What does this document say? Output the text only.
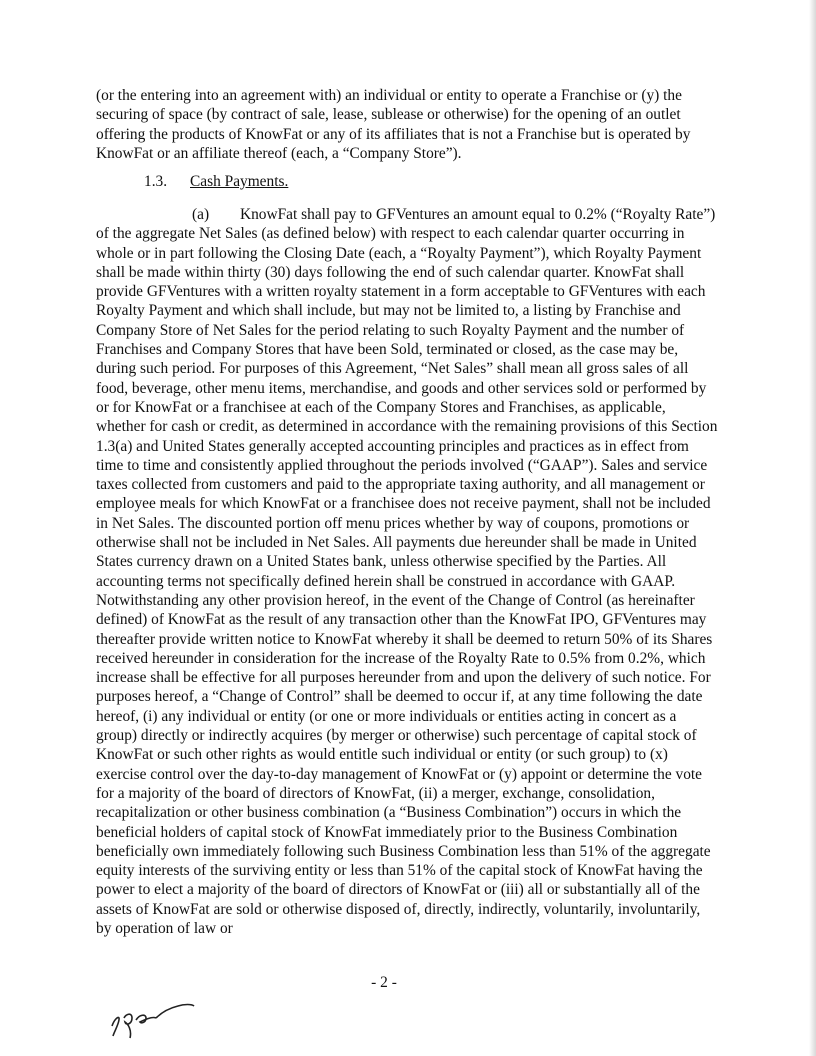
(or the entering into an agreement with) an individual or entity to operate a Franchise or (y) the securing of space (by contract of sale, lease, sublease or otherwise) for the opening of an outlet offering the products of KnowFat or any of its affiliates that is not a Franchise but is operated by KnowFat or an affiliate thereof (each, a “Company Store”).

1.3. Cash Payments.

(a) KnowFat shall pay to GFVentures an amount equal to 0.2% (“Royalty Rate”) of the aggregate Net Sales (as defined below) with respect to each calendar quarter occurring in whole or in part following the Closing Date (each, a “Royalty Payment”), which Royalty Payment shall be made within thirty (30) days following the end of such calendar quarter. KnowFat shall provide GFVentures with a written royalty statement in a form acceptable to GFVentures with each Royalty Payment and which shall include, but may not be limited to, a listing by Franchise and Company Store of Net Sales for the period relating to such Royalty Payment and the number of Franchises and Company Stores that have been Sold, terminated or closed, as the case may be, during such period. For purposes of this Agreement, “Net Sales” shall mean all gross sales of all food, beverage, other menu items, merchandise, and goods and other services sold or performed by or for KnowFat or a franchisee at each of the Company Stores and Franchises, as applicable, whether for cash or credit, as determined in accordance with the remaining provisions of this Section 1.3(a) and United States generally accepted accounting principles and practices as in effect from time to time and consistently applied throughout the periods involved (“GAAP”). Sales and service taxes collected from customers and paid to the appropriate taxing authority, and all management or employee meals for which KnowFat or a franchisee does not receive payment, shall not be included in Net Sales. The discounted portion off menu prices whether by way of coupons, promotions or otherwise shall not be included in Net Sales. All payments due hereunder shall be made in United States currency drawn on a United States bank, unless otherwise specified by the Parties. All accounting terms not specifically defined herein shall be construed in accordance with GAAP. Notwithstanding any other provision hereof, in the event of the Change of Control (as hereinafter defined) of KnowFat as the result of any transaction other than the KnowFat IPO, GFVentures may thereafter provide written notice to KnowFat whereby it shall be deemed to return 50% of its Shares received hereunder in consideration for the increase of the Royalty Rate to 0.5% from 0.2%, which increase shall be effective for all purposes hereunder from and upon the delivery of such notice. For purposes hereof, a “Change of Control” shall be deemed to occur if, at any time following the date hereof, (i) any individual or entity (or one or more individuals or entities acting in concert as a group) directly or indirectly acquires (by merger or otherwise) such percentage of capital stock of KnowFat or such other rights as would entitle such individual or entity (or such group) to (x) exercise control over the day-to-day management of KnowFat or (y) appoint or determine the vote for a majority of the board of directors of KnowFat, (ii) a merger, exchange, consolidation, recapitalization or other business combination (a “Business Combination”) occurs in which the beneficial holders of capital stock of KnowFat immediately prior to the Business Combination beneficially own immediately following such Business Combination less than 51% of the aggregate equity interests of the surviving entity or less than 51% of the capital stock of KnowFat having the power to elect a majority of the board of directors of KnowFat or (iii) all or substantially all of the assets of KnowFat are sold or otherwise disposed of, directly, indirectly, voluntarily, involuntarily, by operation of law or

- 2 -
